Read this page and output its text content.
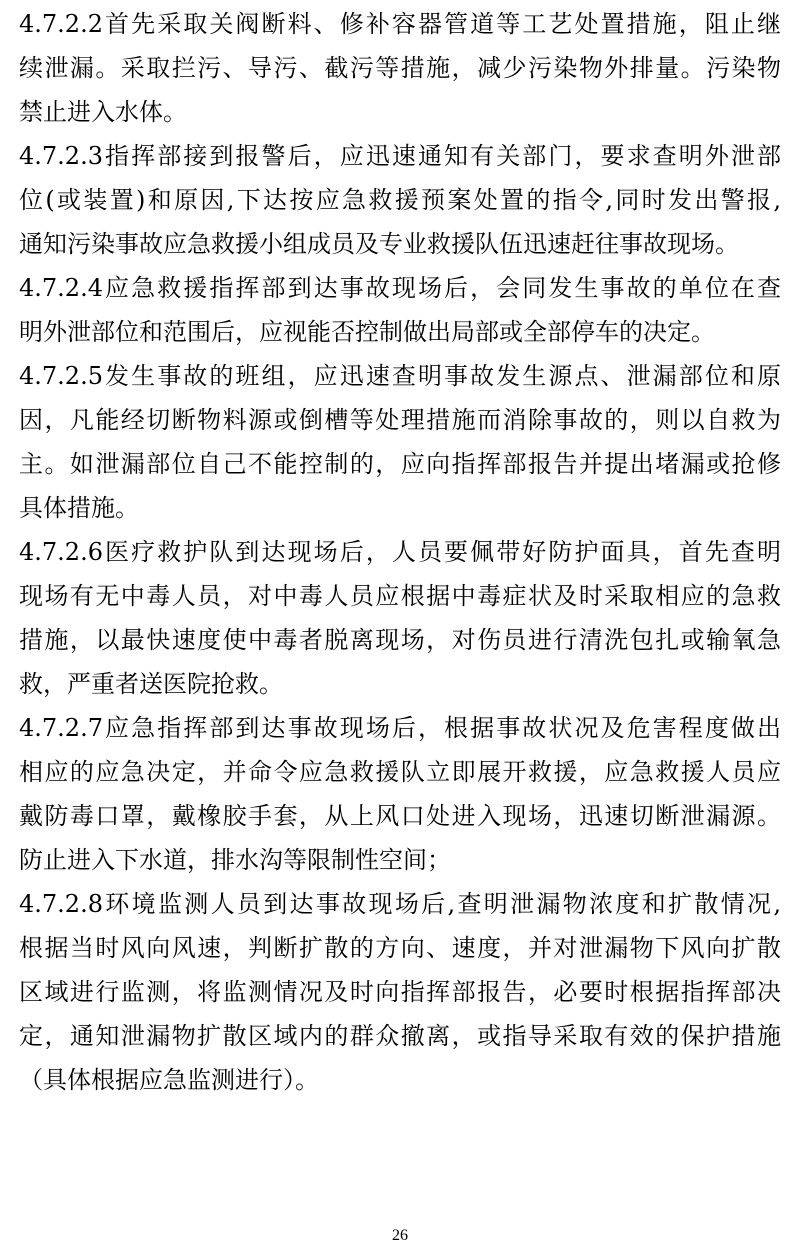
4.7.2.2首先采取关阀断料、修补容器管道等工艺处置措施，阻止继
续泄漏。采取拦污、导污、截污等措施，减少污染物外排量。污染物
禁止进入水体。
4.7.2.3指挥部接到报警后，应迅速通知有关部门，要求查明外泄部
位(或装置)和原因,下达按应急救援预案处置的指令,同时发出警报,
通知污染事故应急救援小组成员及专业救援队伍迅速赶往事故现场。
4.7.2.4应急救援指挥部到达事故现场后，会同发生事故的单位在查
明外泄部位和范围后，应视能否控制做出局部或全部停车的决定。
4.7.2.5发生事故的班组，应迅速查明事故发生源点、泄漏部位和原
因，凡能经切断物料源或倒槽等处理措施而消除事故的，则以自救为
主。如泄漏部位自己不能控制的，应向指挥部报告并提出堵漏或抢修
具体措施。
4.7.2.6医疗救护队到达现场后，人员要佩带好防护面具，首先查明
现场有无中毒人员，对中毒人员应根据中毒症状及时采取相应的急救
措施，以最快速度使中毒者脱离现场，对伤员进行清洗包扎或输氧急
救，严重者送医院抢救。
4.7.2.7应急指挥部到达事故现场后，根据事故状况及危害程度做出
相应的应急决定，并命令应急救援队立即展开救援，应急救援人员应
戴防毒口罩，戴橡胶手套，从上风口处进入现场，迅速切断泄漏源。
防止进入下水道，排水沟等限制性空间；
4.7.2.8环境监测人员到达事故现场后,查明泄漏物浓度和扩散情况,
根据当时风向风速，判断扩散的方向、速度，并对泄漏物下风向扩散
区域进行监测，将监测情况及时向指挥部报告，必要时根据指挥部决
定，通知泄漏物扩散区域内的群众撤离，或指导采取有效的保护措施
（具体根据应急监测进行）。
26
